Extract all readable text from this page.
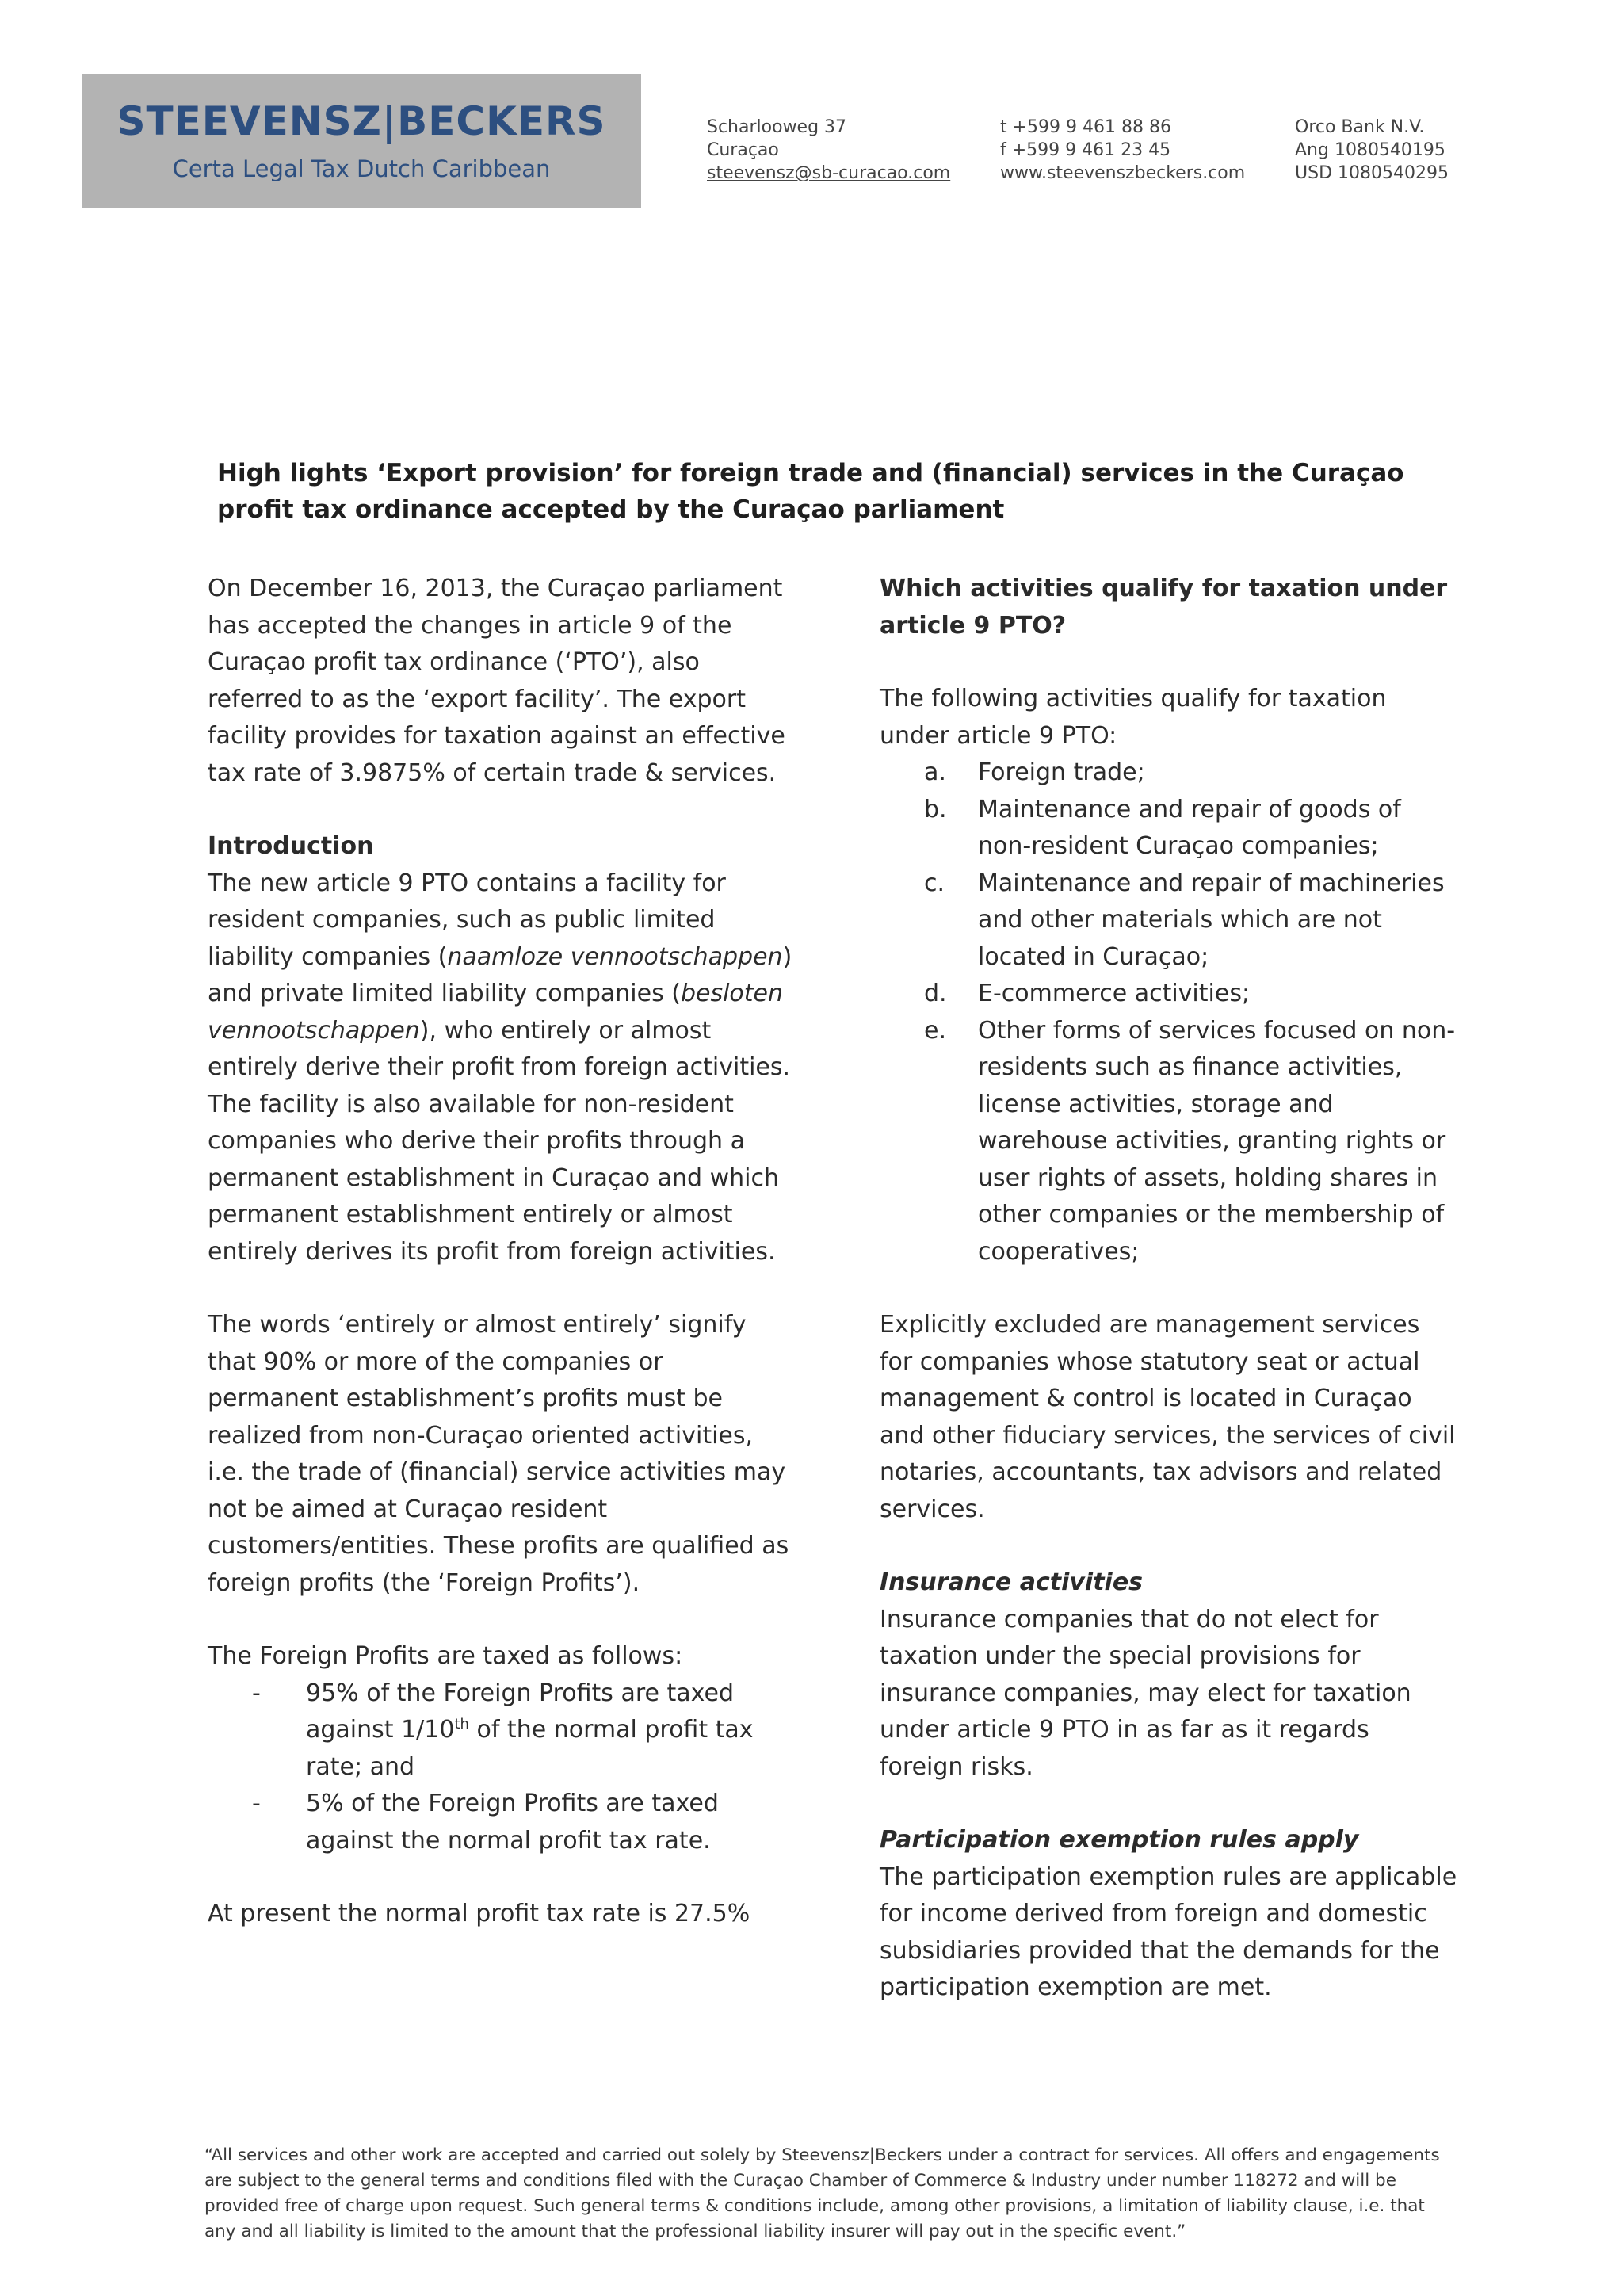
STEEVENSZ|BECKERS
Certa Legal Tax Dutch Caribbean
Scharlooweg 37
Curaçao
steevensz@sb-curacao.com
t +599 9 461 88 86
f +599 9 461 23 45
www.steevenszbeckers.com
Orco Bank N.V.
Ang 1080540195
USD 1080540295
High lights ‘Export provision’ for foreign trade and (financial) services in the Curaçao profit tax ordinance accepted by the Curaçao parliament

On December 16, 2013, the Curaçao parliament has accepted the changes in article 9 of the Curaçao profit tax ordinance (‘PTO’), also referred to as the ‘export facility’. The export facility provides for taxation against an effective tax rate of 3.9875% of certain trade & services.

Introduction

The new article 9 PTO contains a facility for resident companies, such as public limited liability companies (naamloze vennootschappen) and private limited liability companies (besloten vennootschappen), who entirely or almost entirely derive their profit from foreign activities.

The facility is also available for non-resident companies who derive their profits through a permanent establishment in Curaçao and which permanent establishment entirely or almost entirely derives its profit from foreign activities.

The words ‘entirely or almost entirely’ signify that 90% or more of the companies or permanent establishment’s profits must be realized from non-Curaçao oriented activities, i.e. the trade of (financial) service activities may not be aimed at Curaçao resident customers/entities. These profits are qualified as foreign profits (the ‘Foreign Profits’).

The Foreign Profits are taxed as follows:

- 95% of the Foreign Profits are taxed against 1/10th of the normal profit tax rate; and
- 5% of the Foreign Profits are taxed against the normal profit tax rate.

At present the normal profit tax rate is 27.5%

Which activities qualify for taxation under article 9 PTO?

The following activities qualify for taxation under article 9 PTO:

a. Foreign trade;
b. Maintenance and repair of goods of non-resident Curaçao companies;
c. Maintenance and repair of machineries and other materials which are not located in Curaçao;
d. E-commerce activities;
e. Other forms of services focused on non-residents such as finance activities, license activities, storage and warehouse activities, granting rights or user rights of assets, holding shares in other companies or the membership of cooperatives;

Explicitly excluded are management services for companies whose statutory seat or actual management & control is located in Curaçao and other fiduciary services, the services of civil notaries, accountants, tax advisors and related services.

Insurance activities

Insurance companies that do not elect for taxation under the special provisions for insurance companies, may elect for taxation under article 9 PTO in as far as it regards foreign risks.

Participation exemption rules apply

The participation exemption rules are applicable for income derived from foreign and domestic subsidiaries provided that the demands for the participation exemption are met.

“All services and other work are accepted and carried out solely by Steevensz|Beckers under a contract for services. All offers and engagements are subject to the general terms and conditions filed with the Curaçao Chamber of Commerce & Industry under number 118272 and will be provided free of charge upon request. Such general terms & conditions include, among other provisions, a limitation of liability clause, i.e. that any and all liability is limited to the amount that the professional liability insurer will pay out in the specific event.”
